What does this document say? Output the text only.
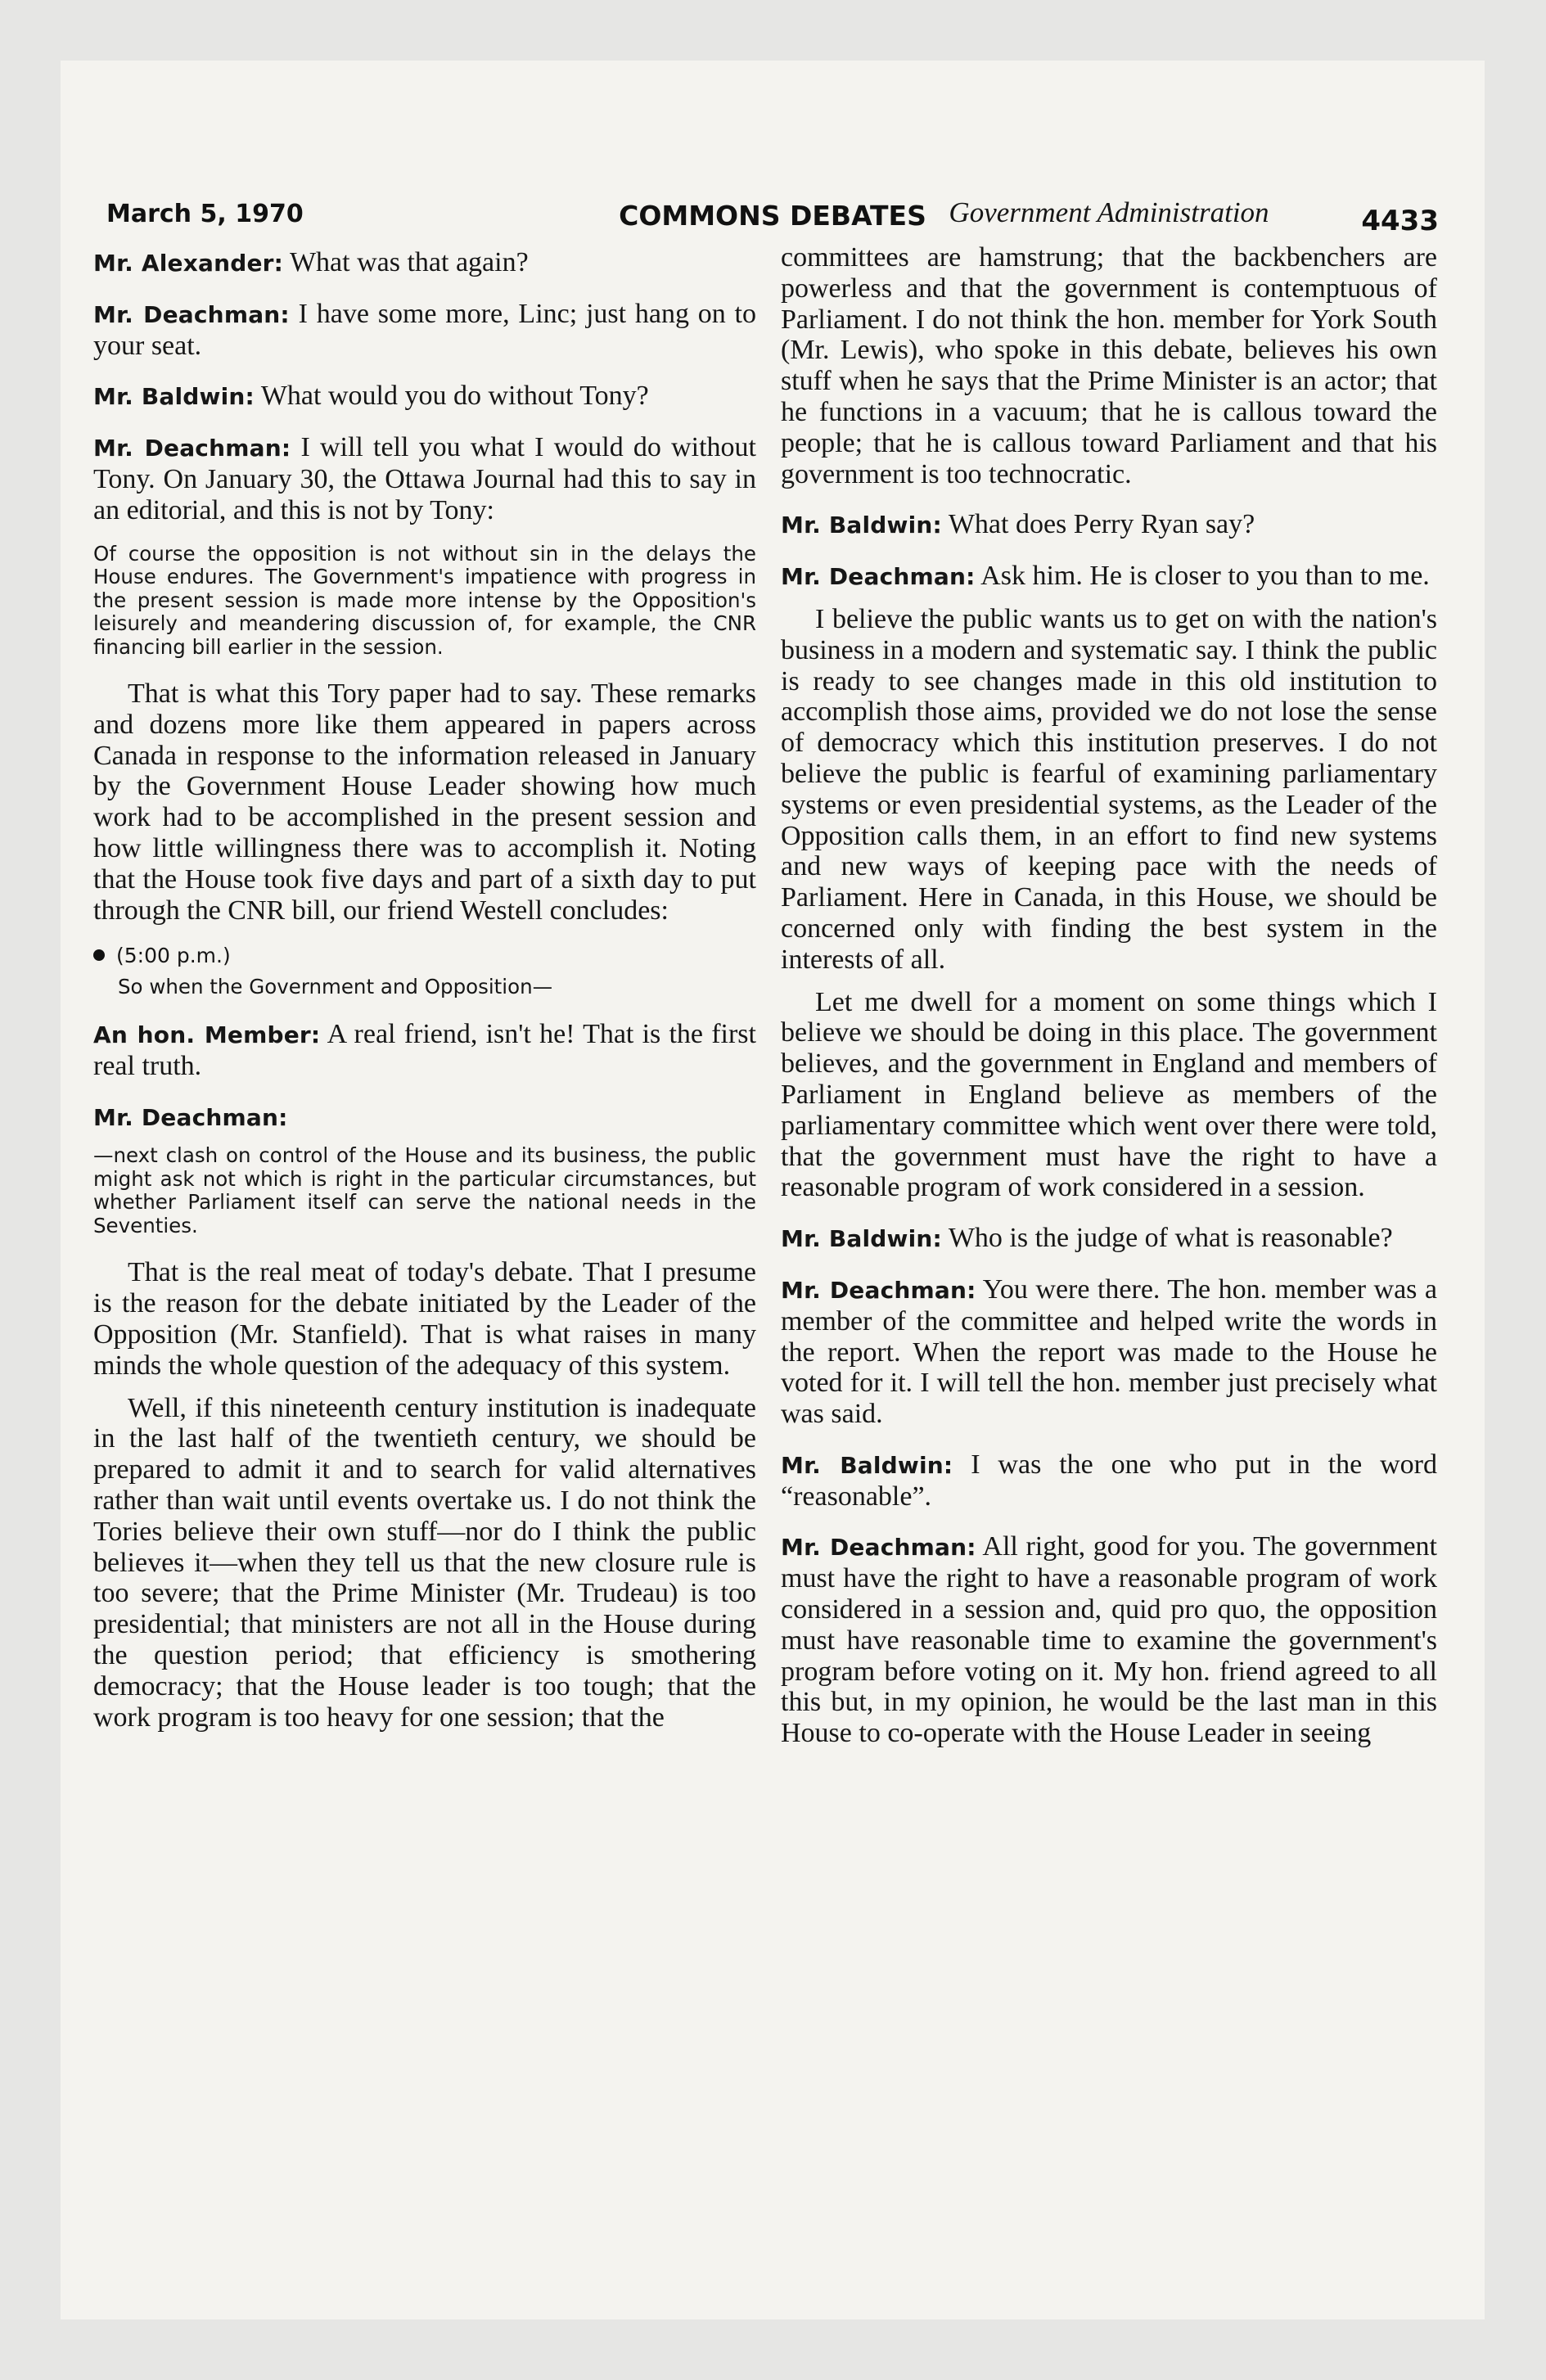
March 5, 1970	COMMONS DEBATES	4433

Mr. Alexander: What was that again?

Mr. Deachman: I have some more, Linc; just hang on to your seat.

Mr. Baldwin: What would you do without Tony?

Mr. Deachman: I will tell you what I would do without Tony. On January 30, the Ottawa Journal had this to say in an editorial, and this is not by Tony:

Of course the opposition is not without sin in the delays the House endures. The Government's impatience with progress in the present session is made more intense by the Opposition's leisurely and meandering discussion of, for example, the CNR financing bill earlier in the session.

That is what this Tory paper had to say. These remarks and dozens more like them appeared in papers across Canada in response to the information released in January by the Government House Leader showing how much work had to be accomplished in the present session and how little willingness there was to accomplish it. Noting that the House took five days and part of a sixth day to put through the CNR bill, our friend Westell concludes:

(5:00 p.m.)
So when the Government and Opposition—

An hon. Member: A real friend, isn't he! That is the first real truth.

Mr. Deachman:

—next clash on control of the House and its business, the public might ask not which is right in the particular circumstances, but whether Parliament itself can serve the national needs in the Seventies.

That is the real meat of today's debate. That I presume is the reason for the debate initiated by the Leader of the Opposition (Mr. Stanfield). That is what raises in many minds the whole question of the adequacy of this system.

Well, if this nineteenth century institution is inadequate in the last half of the twentieth century, we should be prepared to admit it and to search for valid alternatives rather than wait until events overtake us. I do not think the Tories believe their own stuff—nor do I think the public believes it—when they tell us that the new closure rule is too severe; that the Prime Minister (Mr. Trudeau) is too presidential; that ministers are not all in the House during the question period; that efficiency is smothering democracy; that the House leader is too tough; that the work program is too heavy for one session; that the

Government Administration

committees are hamstrung; that the backbenchers are powerless and that the government is contemptuous of Parliament. I do not think the hon. member for York South (Mr. Lewis), who spoke in this debate, believes his own stuff when he says that the Prime Minister is an actor; that he functions in a vacuum; that he is callous toward the people; that he is callous toward Parliament and that his government is too technocratic.

Mr. Baldwin: What does Perry Ryan say?

Mr. Deachman: Ask him. He is closer to you than to me.

I believe the public wants us to get on with the nation's business in a modern and systematic say. I think the public is ready to see changes made in this old institution to accomplish those aims, provided we do not lose the sense of democracy which this institution preserves. I do not believe the public is fearful of examining parliamentary systems or even presidential systems, as the Leader of the Opposition calls them, in an effort to find new systems and new ways of keeping pace with the needs of Parliament. Here in Canada, in this House, we should be concerned only with finding the best system in the interests of all.

Let me dwell for a moment on some things which I believe we should be doing in this place. The government believes, and the government in England and members of Parliament in England believe as members of the parliamentary committee which went over there were told, that the government must have the right to have a reasonable program of work considered in a session.

Mr. Baldwin: Who is the judge of what is reasonable?

Mr. Deachman: You were there. The hon. member was a member of the committee and helped write the words in the report. When the report was made to the House he voted for it. I will tell the hon. member just precisely what was said.

Mr. Baldwin: I was the one who put in the word “reasonable”.

Mr. Deachman: All right, good for you. The government must have the right to have a reasonable program of work considered in a session and, quid pro quo, the opposition must have reasonable time to examine the government's program before voting on it. My hon. friend agreed to all this but, in my opinion, he would be the last man in this House to co-operate with the House Leader in seeing
